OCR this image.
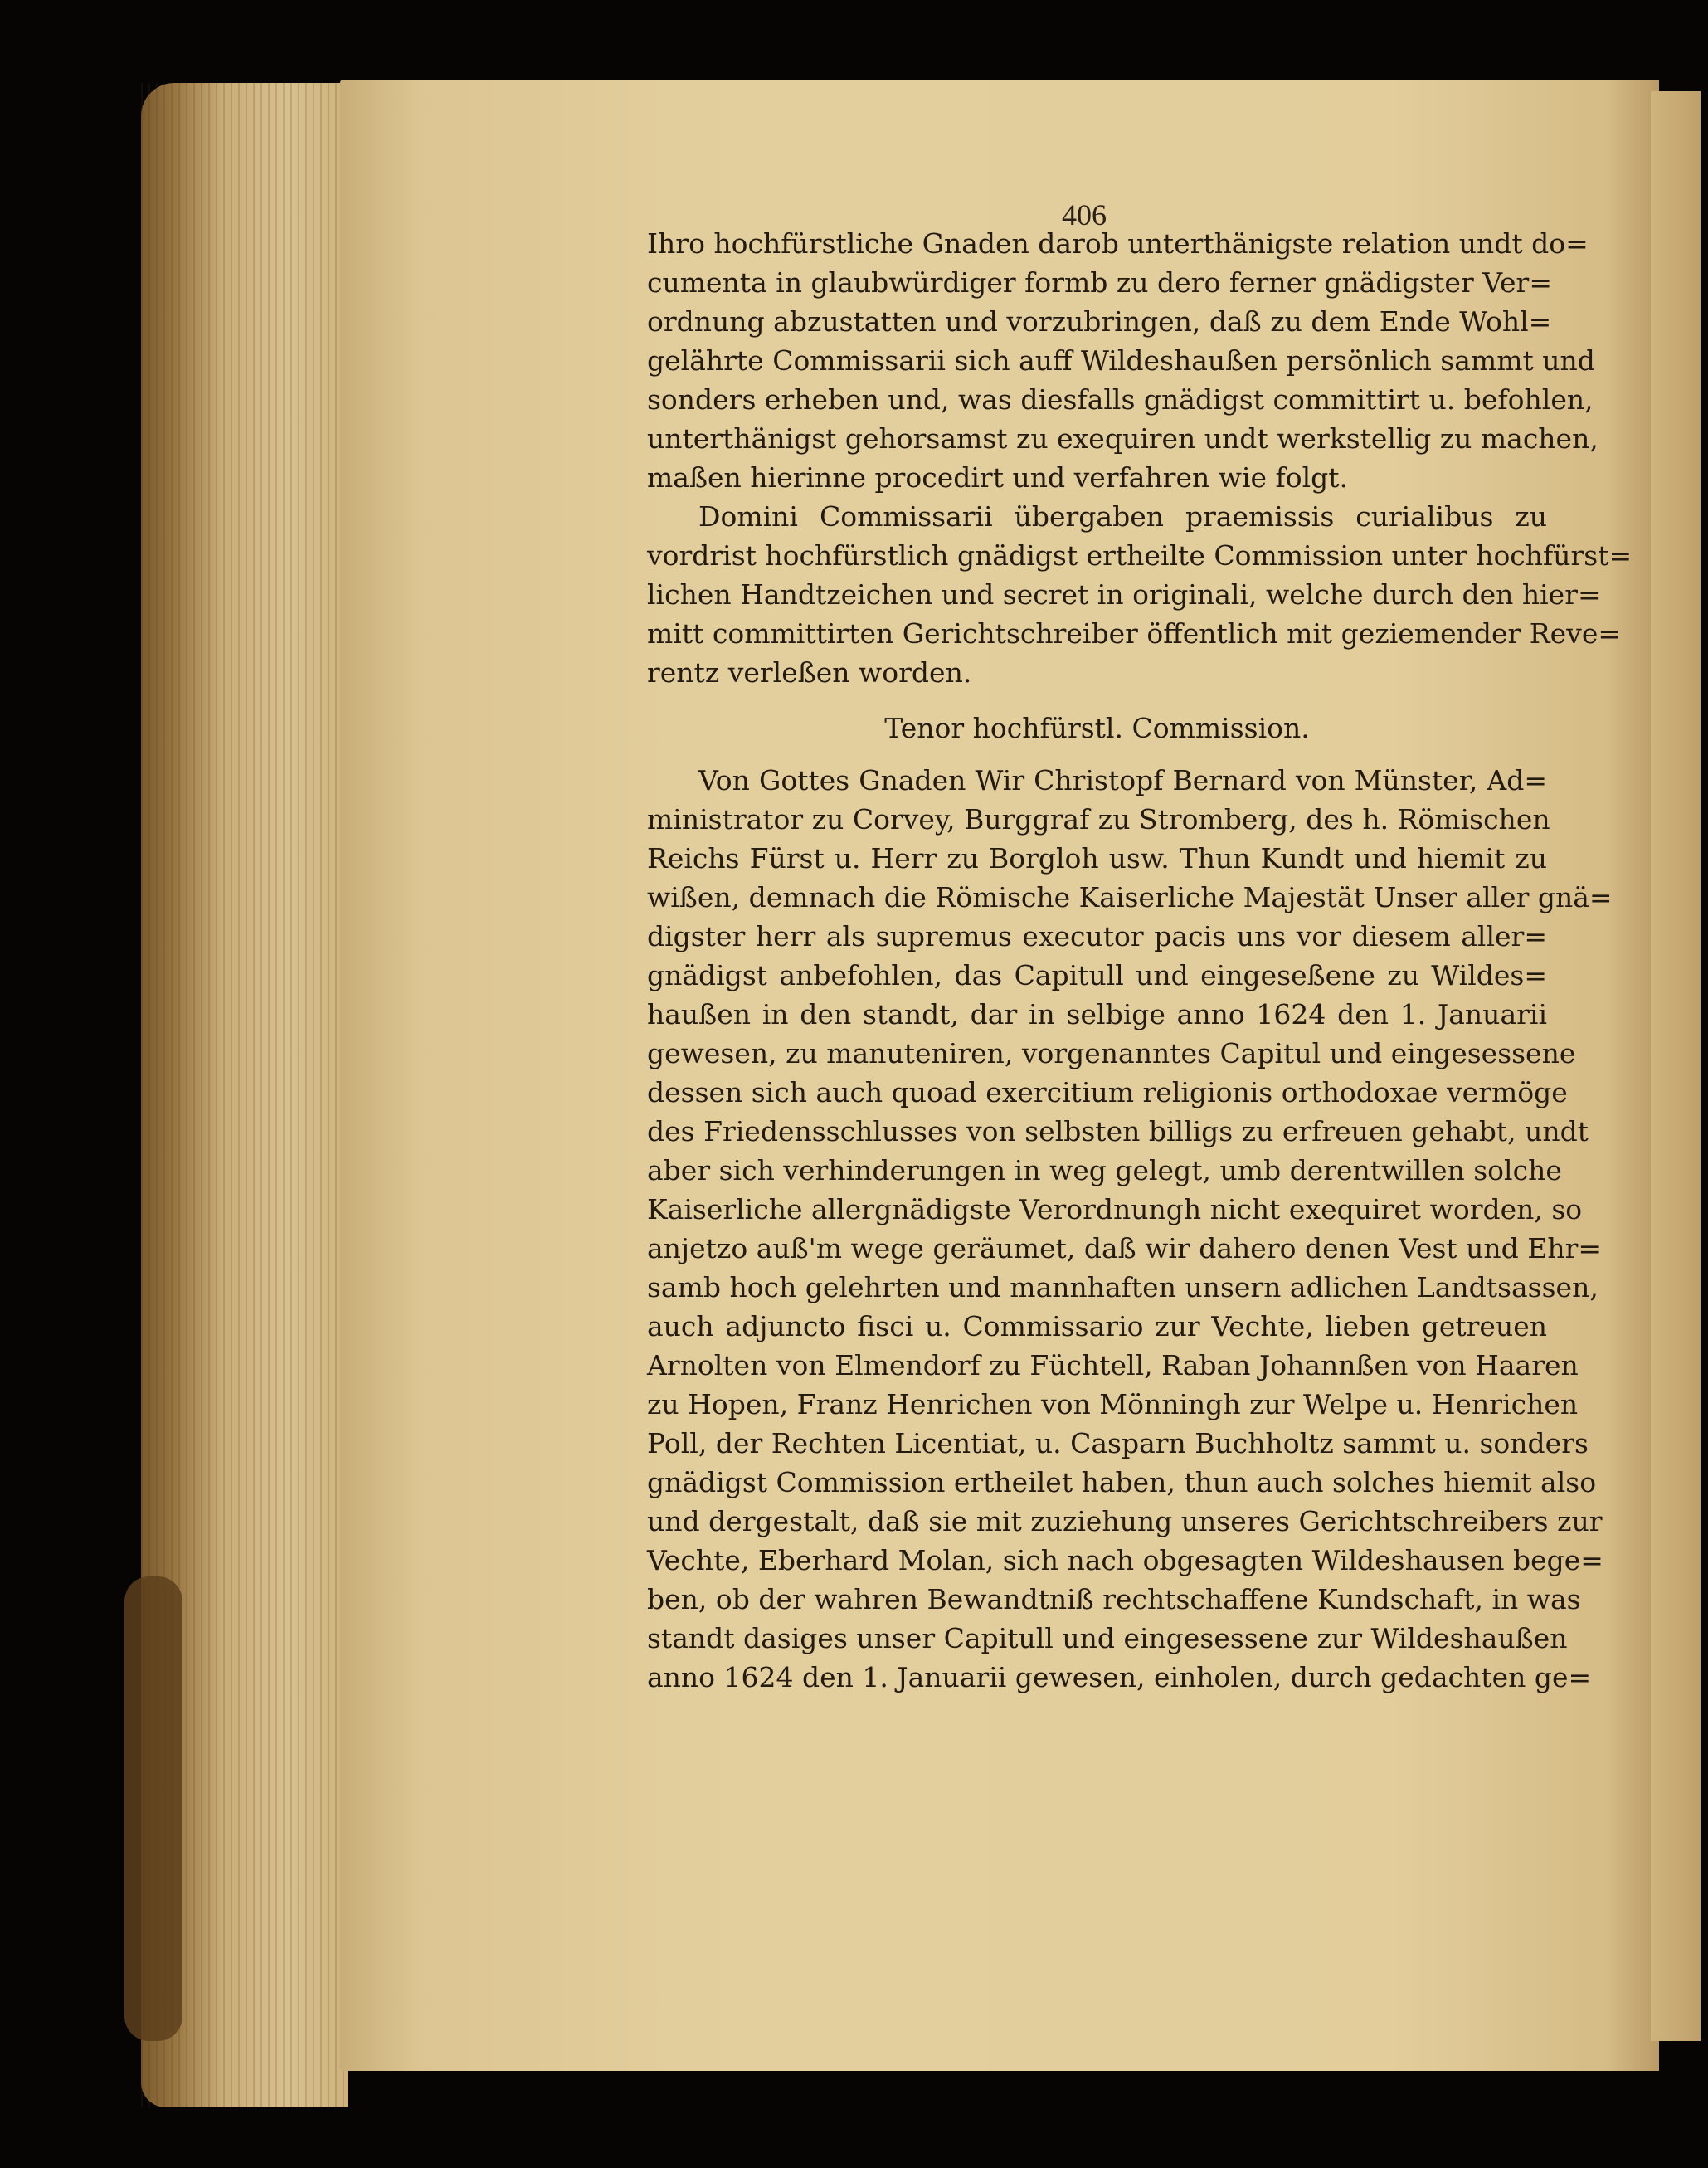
406
Ihro hochfürstliche Gnaden darob unterthänigste relation undt do=
cumenta in glaubwürdiger formb zu dero ferner gnädigster Ver=
ordnung abzustatten und vorzubringen, daß zu dem Ende Wohl=
gelährte Commissarii sich auff Wildeshaußen persönlich sammt und
sonders erheben und, was diesfalls gnädigst committirt u. befohlen,
unterthänigst gehorsamst zu exequiren undt werkstellig zu machen,
maßen hierinne procedirt und verfahren wie folgt.
Domini Commissarii übergaben praemissis curialibus zu
vordrist hochfürstlich gnädigst ertheilte Commission unter hochfürst=
lichen Handtzeichen und secret in originali, welche durch den hier=
mitt committirten Gerichtschreiber öffentlich mit geziemender Reve=
rentz verleßen worden.
Tenor hochfürstl. Commission.
Von Gottes Gnaden Wir Christopf Bernard von Münster, Ad=
ministrator zu Corvey, Burggraf zu Stromberg, des h. Römischen
Reichs Fürst u. Herr zu Borgloh usw. Thun Kundt und hiemit zu
wißen, demnach die Römische Kaiserliche Majestät Unser aller gnä=
digster herr als supremus executor pacis uns vor diesem aller=
gnädigst anbefohlen, das Capitull und eingeseßene zu Wildes=
haußen in den standt, dar in selbige anno 1624 den 1. Januarii
gewesen, zu manuteniren, vorgenanntes Capitul und eingesessene
dessen sich auch quoad exercitium religionis orthodoxae vermöge
des Friedensschlusses von selbsten billigs zu erfreuen gehabt, undt
aber sich verhinderungen in weg gelegt, umb derentwillen solche
Kaiserliche allergnädigste Verordnungh nicht exequiret worden, so
anjetzo auß'm wege geräumet, daß wir dahero denen Vest und Ehr=
samb hoch gelehrten und mannhaften unsern adlichen Landtsassen,
auch adjuncto fisci u. Commissario zur Vechte, lieben getreuen
Arnolten von Elmendorf zu Füchtell, Raban Johannßen von Haaren
zu Hopen, Franz Henrichen von Mönningh zur Welpe u. Henrichen
Poll, der Rechten Licentiat, u. Casparn Buchholtz sammt u. sonders
gnädigst Commission ertheilet haben, thun auch solches hiemit also
und dergestalt, daß sie mit zuziehung unseres Gerichtschreibers zur
Vechte, Eberhard Molan, sich nach obgesagten Wildeshausen bege=
ben, ob der wahren Bewandtniß rechtschaffene Kundschaft, in was
standt dasiges unser Capitull und eingesessene zur Wildeshaußen
anno 1624 den 1. Januarii gewesen, einholen, durch gedachten ge=
